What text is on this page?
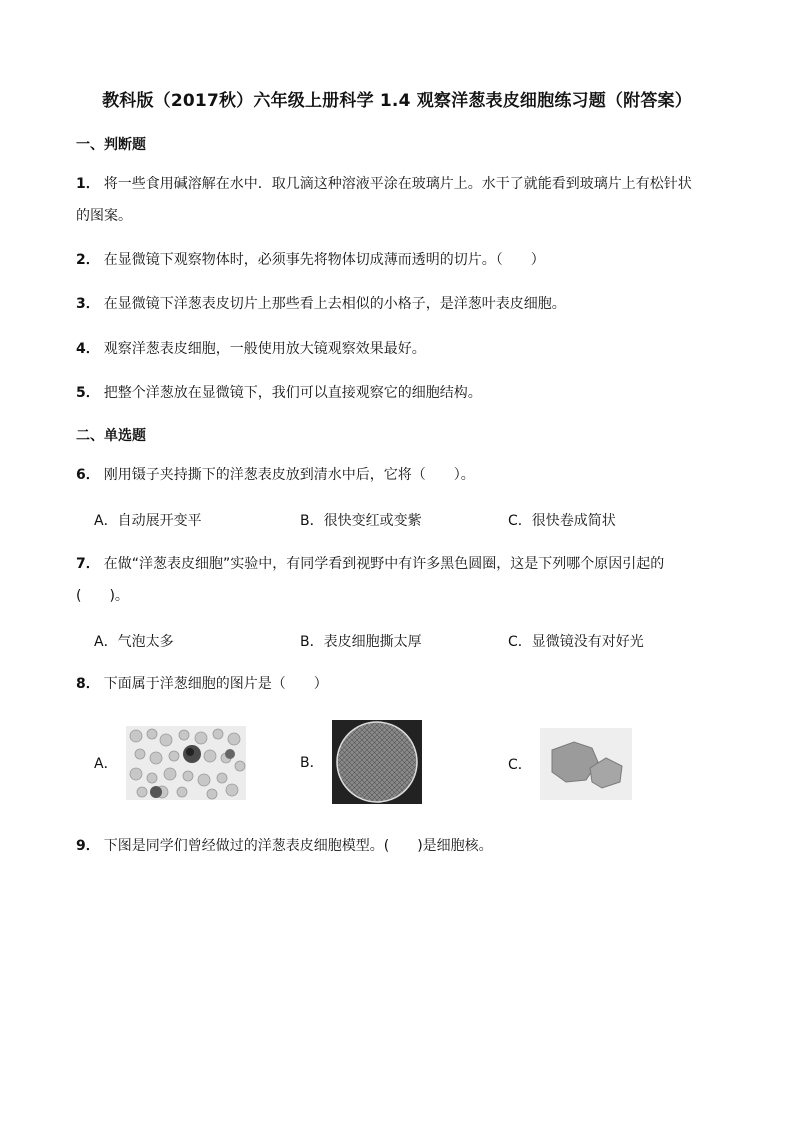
教科版（2017秋）六年级上册科学 1.4 观察洋葱表皮细胞练习题（附答案）
一、判断题
1． 将一些食用碱溶解在水中．取几滴这种溶液平涂在玻璃片上。水干了就能看到玻璃片上有松针状
的图案。
2． 在显微镜下观察物体时，必须事先将物体切成薄而透明的切片。（　　）
3． 在显微镜下洋葱表皮切片上那些看上去相似的小格子，是洋葱叶表皮细胞。
4． 观察洋葱表皮细胞，一般使用放大镜观察效果最好。
5． 把整个洋葱放在显微镜下，我们可以直接观察它的细胞结构。
二、单选题
6． 刚用镊子夹持撕下的洋葱表皮放到清水中后，它将（　　）。
A．自动展开变平	B．很快变红或变紫	C．很快卷成简状
7． 在做“洋葱表皮细胞”实验中，有同学看到视野中有许多黑色圆圈，这是下列哪个原因引起的
(　　)。
A．气泡太多	B．表皮细胞撕太厚	C．显微镜没有对好光
8． 下面属于洋葱细胞的图片是（　　）
A．	B．	C．
9． 下图是同学们曾经做过的洋葱表皮细胞模型。(　　)是细胞核。
